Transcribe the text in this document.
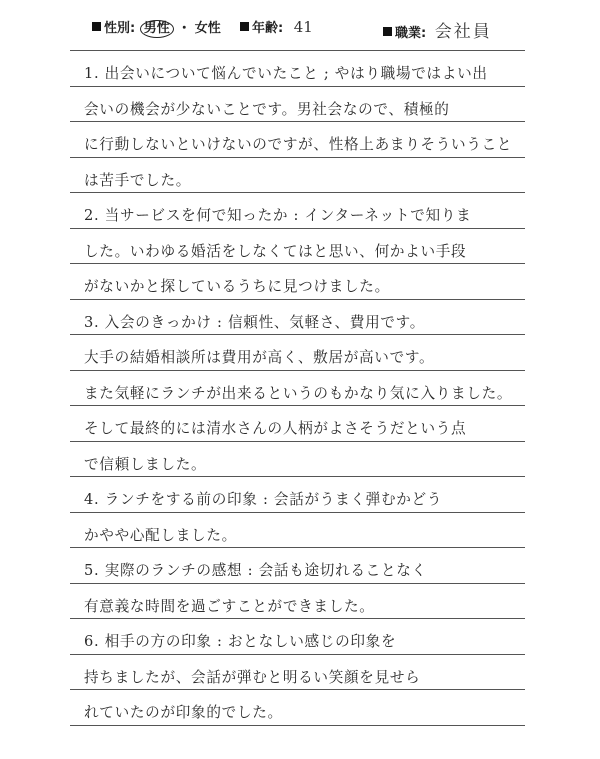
性別: 男性 ・ 女性	年齢: 41	職業: 会社員
1. 出会いについて悩んでいたこと ; やはり職場ではよい出
会いの機会が少ないことです。男社会なので、積極的
に行動しないといけないのですが、性格上あまりそういうこと
は苦手でした。
2. 当サービスを何で知ったか : インターネットで知りま
した。いわゆる婚活をしなくてはと思い、何かよい手段
がないかと探しているうちに見つけました。
3. 入会のきっかけ : 信頼性、気軽さ、費用です。
大手の結婚相談所は費用が高く、敷居が高いです。
また気軽にランチが出来るというのもかなり気に入りました。
そして最終的には清水さんの人柄がよさそうだという点
で信頼しました。
4. ランチをする前の印象 : 会話がうまく弾むかどう
かやや心配しました。
5. 実際のランチの感想 : 会話も途切れることなく
有意義な時間を過ごすことができました。
6. 相手の方の印象 : おとなしい感じの印象を
持ちましたが、会話が弾むと明るい笑顔を見せら
れていたのが印象的でした。
